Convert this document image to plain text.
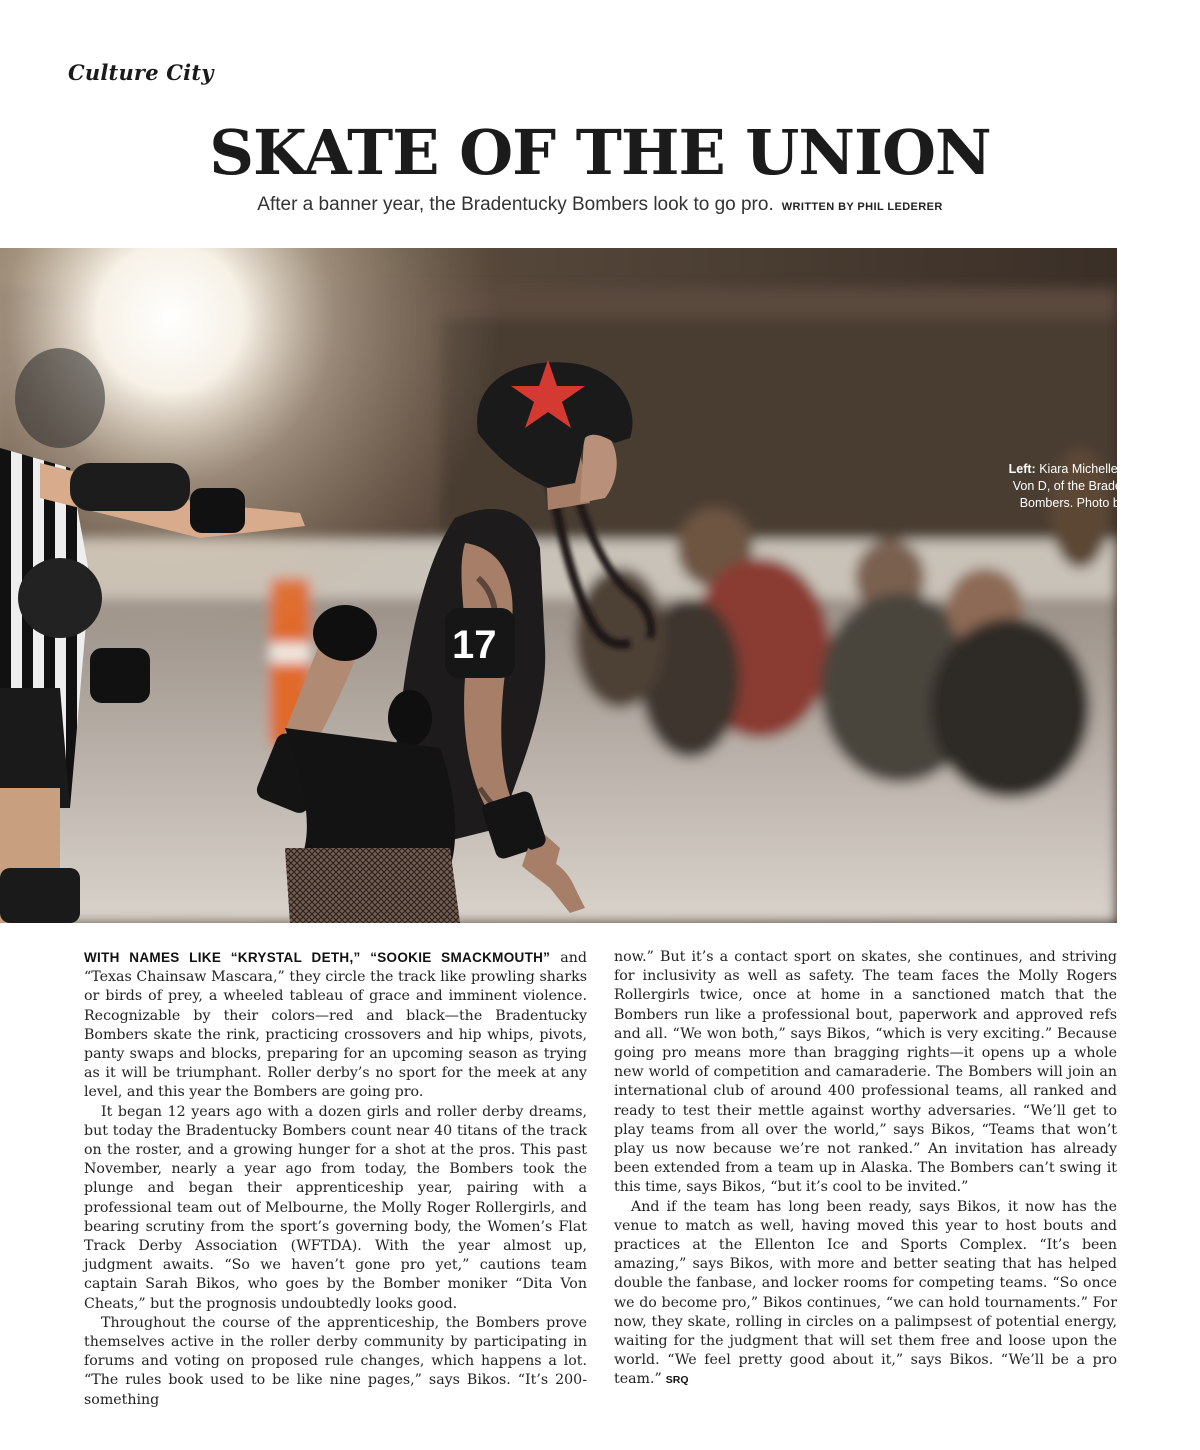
Culture City
SKATE OF THE UNION
After a banner year, the Bradentucky Bombers look to go pro. WRITTEN BY PHIL LEDERER
17
Left: Kiara Michelle, Crash Von D, of the Bradentucky Bombers. Photo by Keith Ridge.

WITH NAMES LIKE “KRYSTAL DETH,” “SOOKIE SMACKMOUTH” and “Texas Chainsaw Mascara,” they circle the track like prowling sharks or birds of prey, a wheeled tableau of grace and imminent violence. Recognizable by their colors—red and black—the Bradentucky Bombers skate the rink, practicing crossovers and hip whips, pivots, panty swaps and blocks, preparing for an upcoming season as trying as it will be triumphant. Roller derby’s no sport for the meek at any level, and this year the Bombers are going pro.

It began 12 years ago with a dozen girls and roller derby dreams, but today the Bradentucky Bombers count near 40 titans of the track on the roster, and a growing hunger for a shot at the pros. This past November, nearly a year ago from today, the Bombers took the plunge and began their apprenticeship year, pairing with a professional team out of Melbourne, the Molly Roger Rollergirls, and bearing scrutiny from the sport’s governing body, the Women’s Flat Track Derby Association (WFTDA). With the year almost up, judgment awaits. “So we haven’t gone pro yet,” cautions team captain Sarah Bikos, who goes by the Bomber moniker “Dita Von Cheats,” but the prognosis undoubtedly looks good.

Throughout the course of the apprenticeship, the Bombers prove themselves active in the roller derby community by participating in forums and voting on proposed rule changes, which happens a lot. “The rules book used to be like nine pages,” says Bikos. “It’s 200-something

now.” But it’s a contact sport on skates, she continues, and striving for inclusivity as well as safety. The team faces the Molly Rogers Rollergirls twice, once at home in a sanctioned match that the Bombers run like a professional bout, paperwork and approved refs and all. “We won both,” says Bikos, “which is very exciting.” Because going pro means more than bragging rights—it opens up a whole new world of competition and camaraderie. The Bombers will join an international club of around 400 professional teams, all ranked and ready to test their mettle against worthy adversaries. “We’ll get to play teams from all over the world,” says Bikos, “Teams that won’t play us now because we’re not ranked.” An invitation has already been extended from a team up in Alaska. The Bombers can’t swing it this time, says Bikos, “but it’s cool to be invited.”

And if the team has long been ready, says Bikos, it now has the venue to match as well, having moved this year to host bouts and practices at the Ellenton Ice and Sports Complex. “It’s been amazing,” says Bikos, with more and better seating that has helped double the fanbase, and locker rooms for competing teams. “So once we do become pro,” Bikos continues, “we can hold tournaments.” For now, they skate, rolling in circles on a palimpsest of potential energy, waiting for the judgment that will set them free and loose upon the world. “We feel pretty good about it,” says Bikos. “We’ll be a pro team.” SRQ
